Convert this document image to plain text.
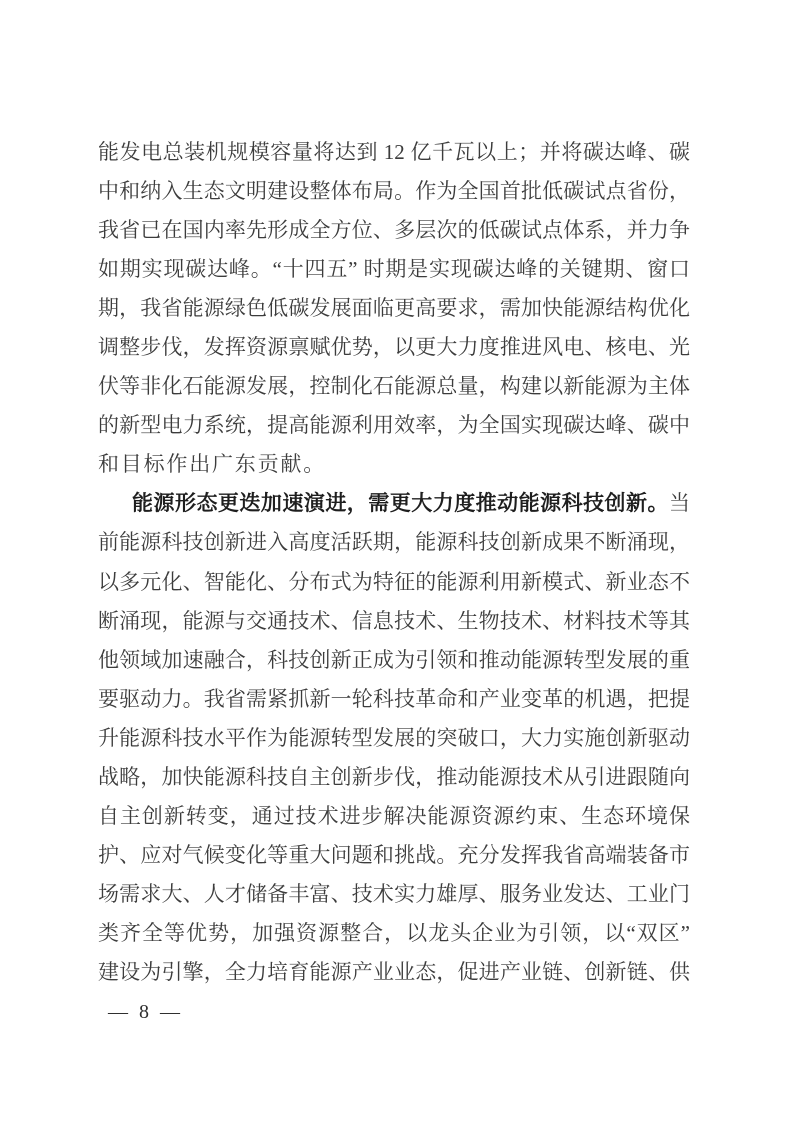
能发电总装机规模容量将达到 12 亿千瓦以上；并将碳达峰、碳
中和纳入生态文明建设整体布局。作为全国首批低碳试点省份，
我省已在国内率先形成全方位、多层次的低碳试点体系，并力争
如期实现碳达峰。“十四五” 时期是实现碳达峰的关键期、窗口
期，我省能源绿色低碳发展面临更高要求，需加快能源结构优化
调整步伐，发挥资源禀赋优势，以更大力度推进风电、核电、光
伏等非化石能源发展，控制化石能源总量，构建以新能源为主体
的新型电力系统，提高能源利用效率，为全国实现碳达峰、碳中
和目标作出广东贡献。
能源形态更迭加速演进，需更大力度推动能源科技创新。当
前能源科技创新进入高度活跃期，能源科技创新成果不断涌现，
以多元化、智能化、分布式为特征的能源利用新模式、新业态不
断涌现，能源与交通技术、信息技术、生物技术、材料技术等其
他领域加速融合，科技创新正成为引领和推动能源转型发展的重
要驱动力。我省需紧抓新一轮科技革命和产业变革的机遇，把提
升能源科技水平作为能源转型发展的突破口，大力实施创新驱动
战略，加快能源科技自主创新步伐，推动能源技术从引进跟随向
自主创新转变，通过技术进步解决能源资源约束、生态环境保
护、应对气候变化等重大问题和挑战。充分发挥我省高端装备市
场需求大、人才储备丰富、技术实力雄厚、服务业发达、工业门
类齐全等优势，加强资源整合，以龙头企业为引领，以“双区”
建设为引擎，全力培育能源产业业态，促进产业链、创新链、供
— 8 —
